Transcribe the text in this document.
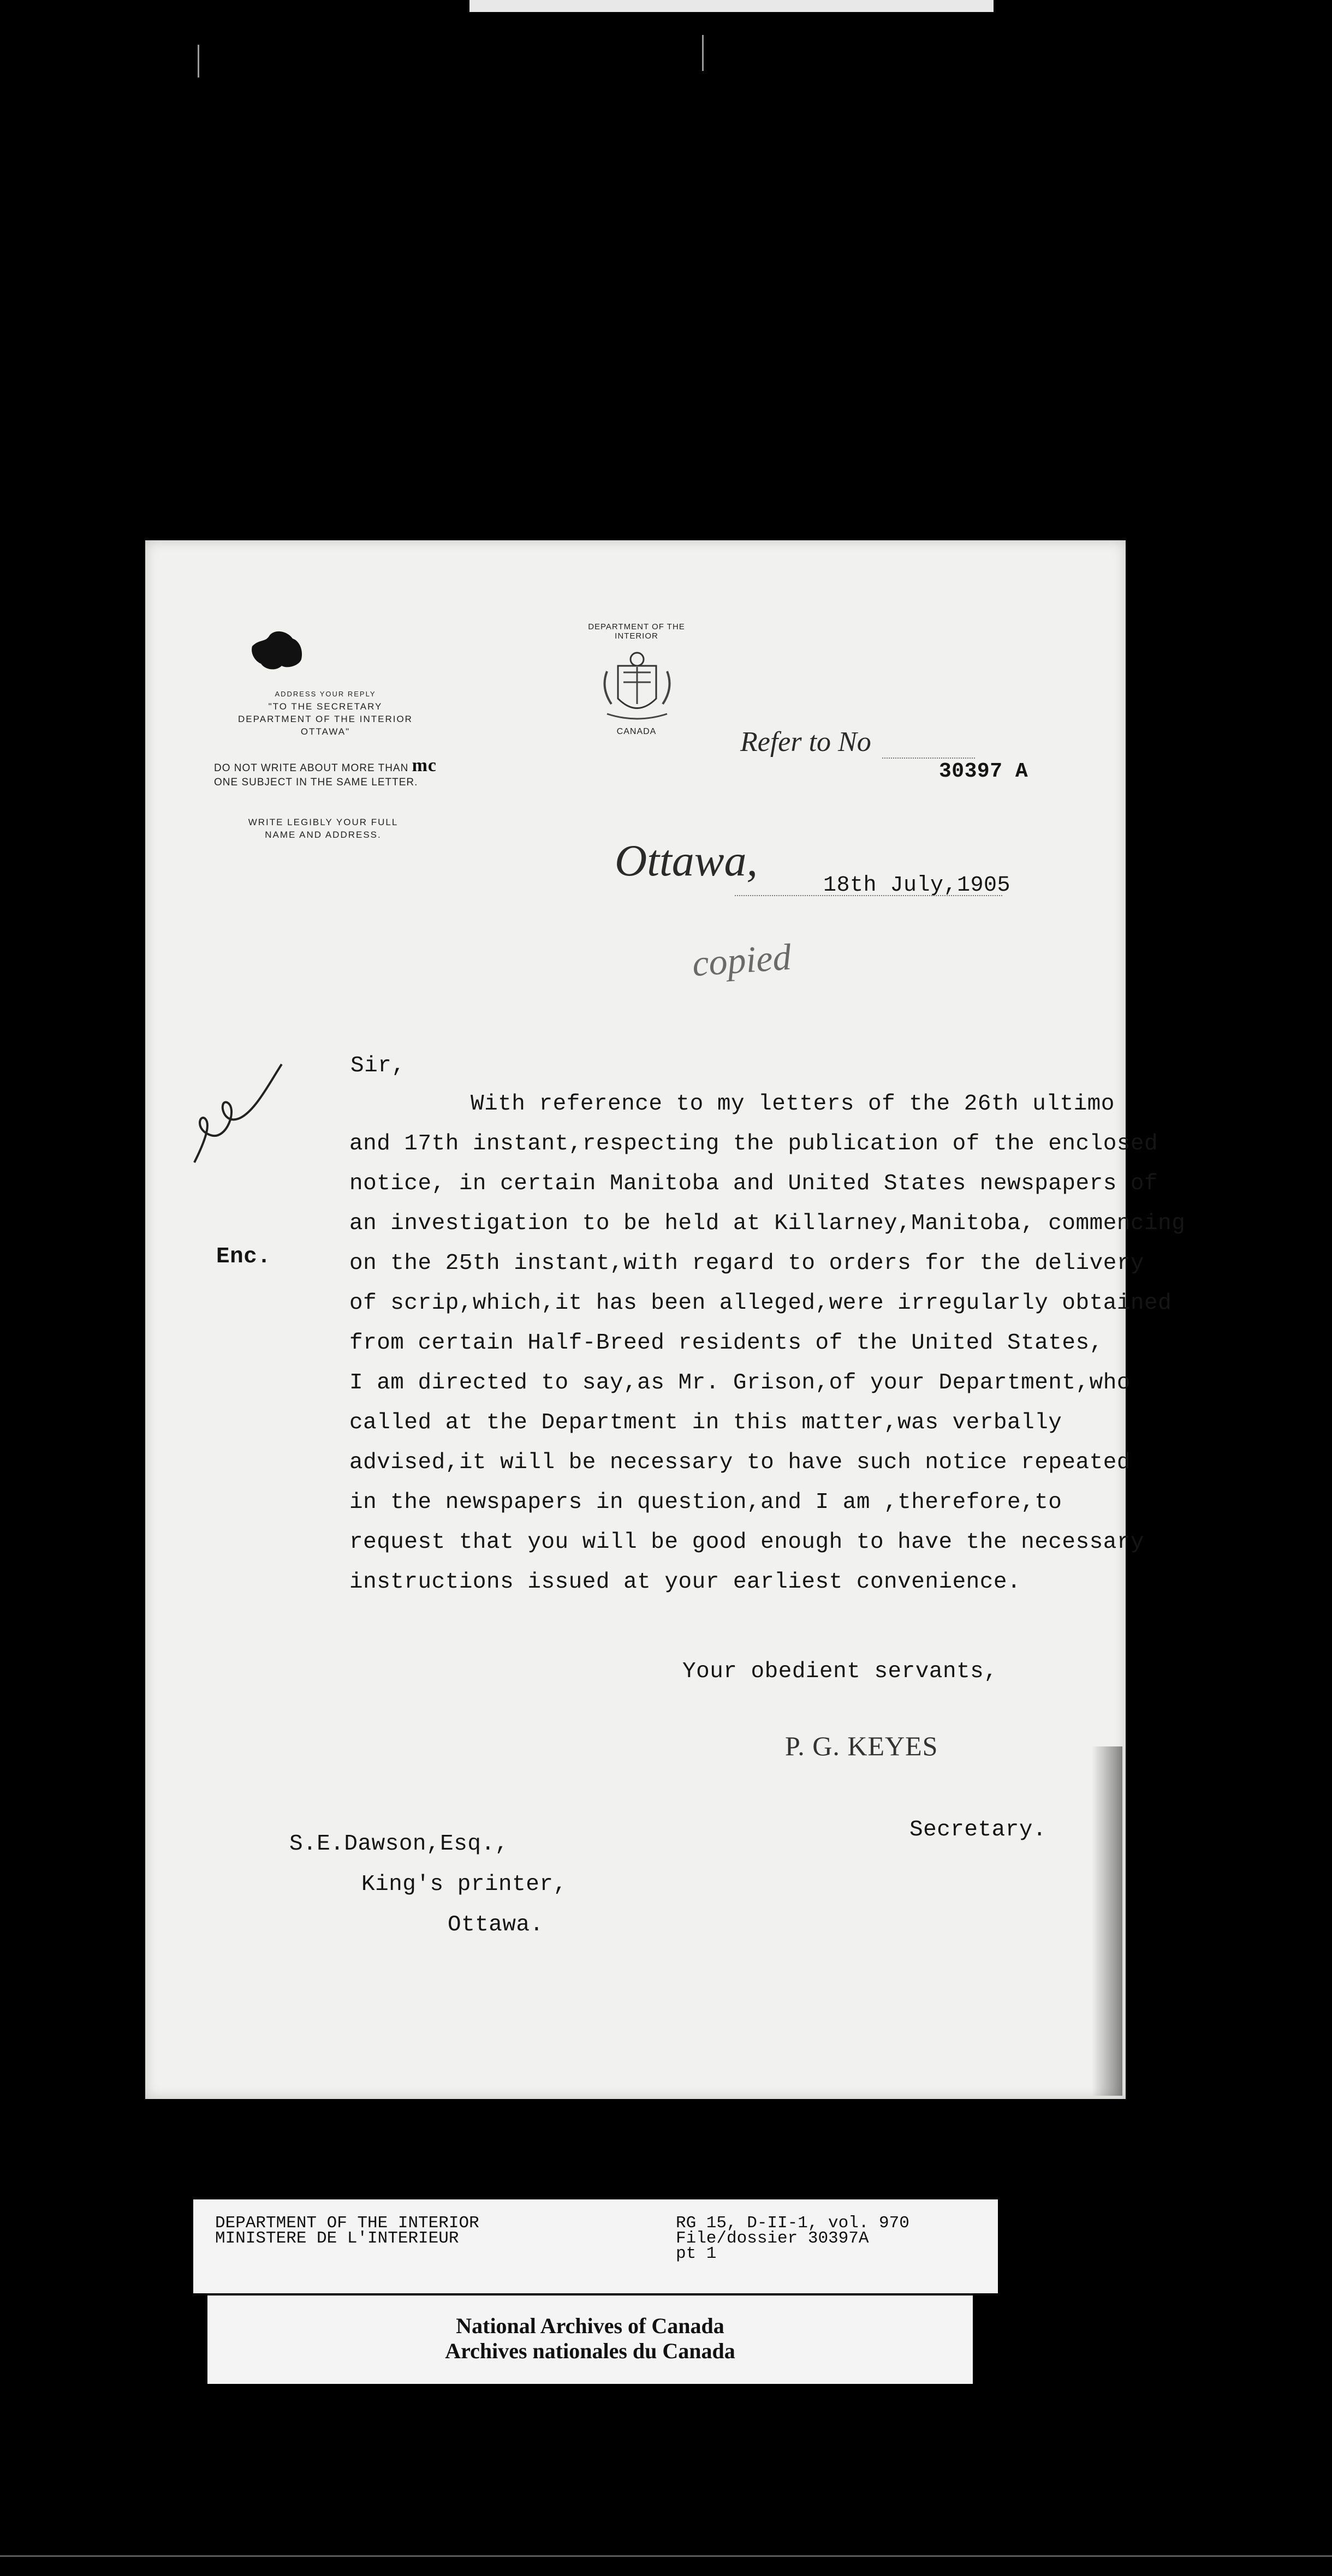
ADDRESS YOUR REPLY
"TO THE SECRETARY
DEPARTMENT OF THE INTERIOR
OTTAWA"
DO NOT WRITE ABOUT MORE THAN mc
ONE SUBJECT IN THE SAME LETTER.
WRITE LEGIBLY YOUR FULL
NAME AND ADDRESS.
DEPARTMENT OF THE INTERIOR
CANADA	Refer to No
30397 A
Ottawa,
18th July,1905
copied
Enc.
Sir,
With reference to my letters of the 26th ultimo
and 17th instant,respecting the publication of the enclosed
notice, in certain Manitoba and United States newspapers of
an investigation to be held at Killarney,Manitoba, commencing
on the 25th instant,with regard to orders for the delivery
of scrip,which,it has been alleged,were irregularly obtained
from certain Half-Breed residents of the United States,
I am directed to say,as Mr. Grison,of your Department,who
called at the Department in this matter,was verbally
advised,it will be necessary to have such notice repeated
in the newspapers in question,and I am ,therefore,to
request that you will be good enough to have the necessary
instructions issued at your earliest convenience.
Your obedient servants,
P. G. KEYES
Secretary.
S.E.Dawson,Esq.,
King's printer,
Ottawa.
DEPARTMENT OF THE INTERIOR
MINISTERE DE L'INTERIEUR
RG 15, D-II-1, vol. 970
File/dossier 30397A
pt 1
National Archives of Canada
Archives nationales du Canada
